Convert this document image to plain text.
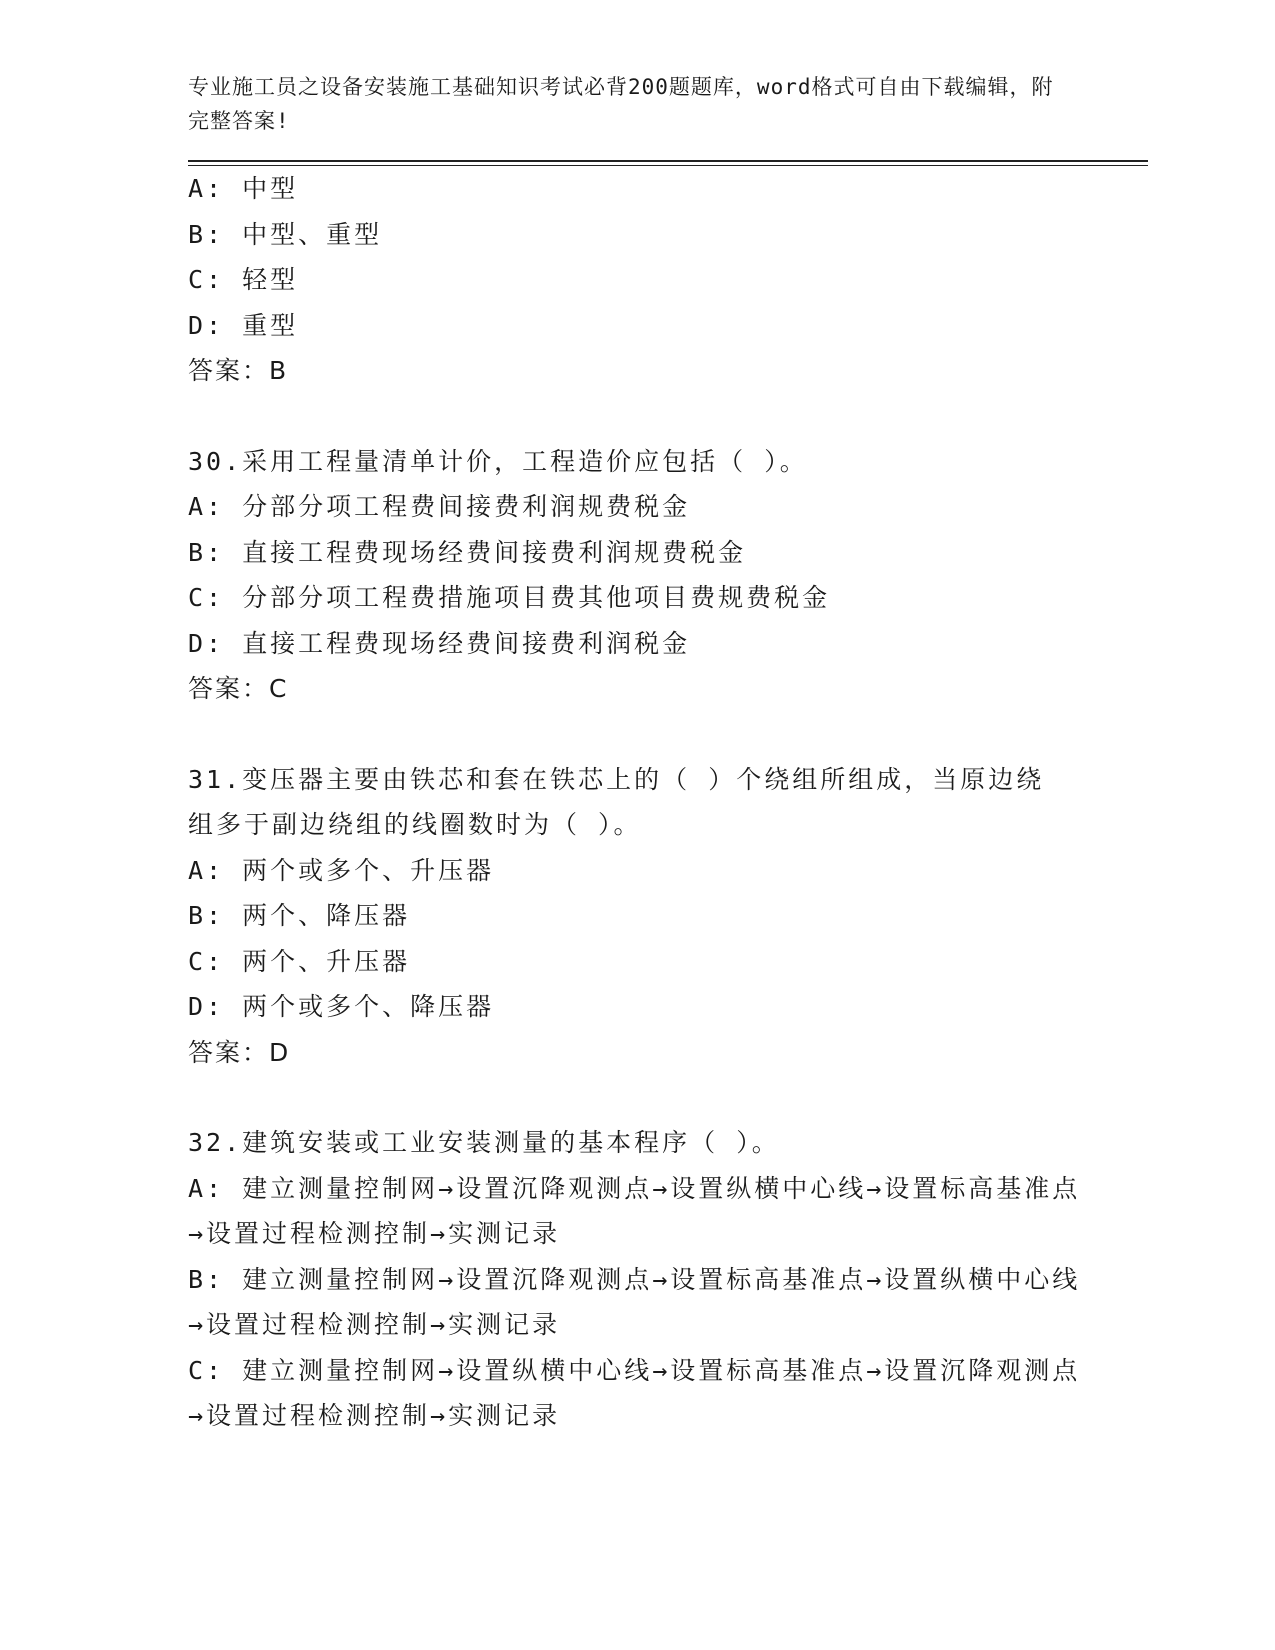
专业施工员之设备安装施工基础知识考试必背200题题库，word格式可自由下载编辑，附完整答案!
A: 中型
B: 中型、重型
C: 轻型
D: 重型
答案：B
30.采用工程量清单计价，工程造价应包括（ ）。
A: 分部分项工程费间接费利润规费税金
B: 直接工程费现场经费间接费利润规费税金
C: 分部分项工程费措施项目费其他项目费规费税金
D: 直接工程费现场经费间接费利润税金
答案：C
31.变压器主要由铁芯和套在铁芯上的（ ）个绕组所组成，当原边绕组多于副边绕组的线圈数时为（ ）。
A: 两个或多个、升压器
B: 两个、降压器
C: 两个、升压器
D: 两个或多个、降压器
答案：D
32.建筑安装或工业安装测量的基本程序（ ）。
A: 建立测量控制网→设置沉降观测点→设置纵横中心线→设置标高基准点→设置过程检测控制→实测记录
B: 建立测量控制网→设置沉降观测点→设置标高基准点→设置纵横中心线→设置过程检测控制→实测记录
C: 建立测量控制网→设置纵横中心线→设置标高基准点→设置沉降观测点→设置过程检测控制→实测记录
